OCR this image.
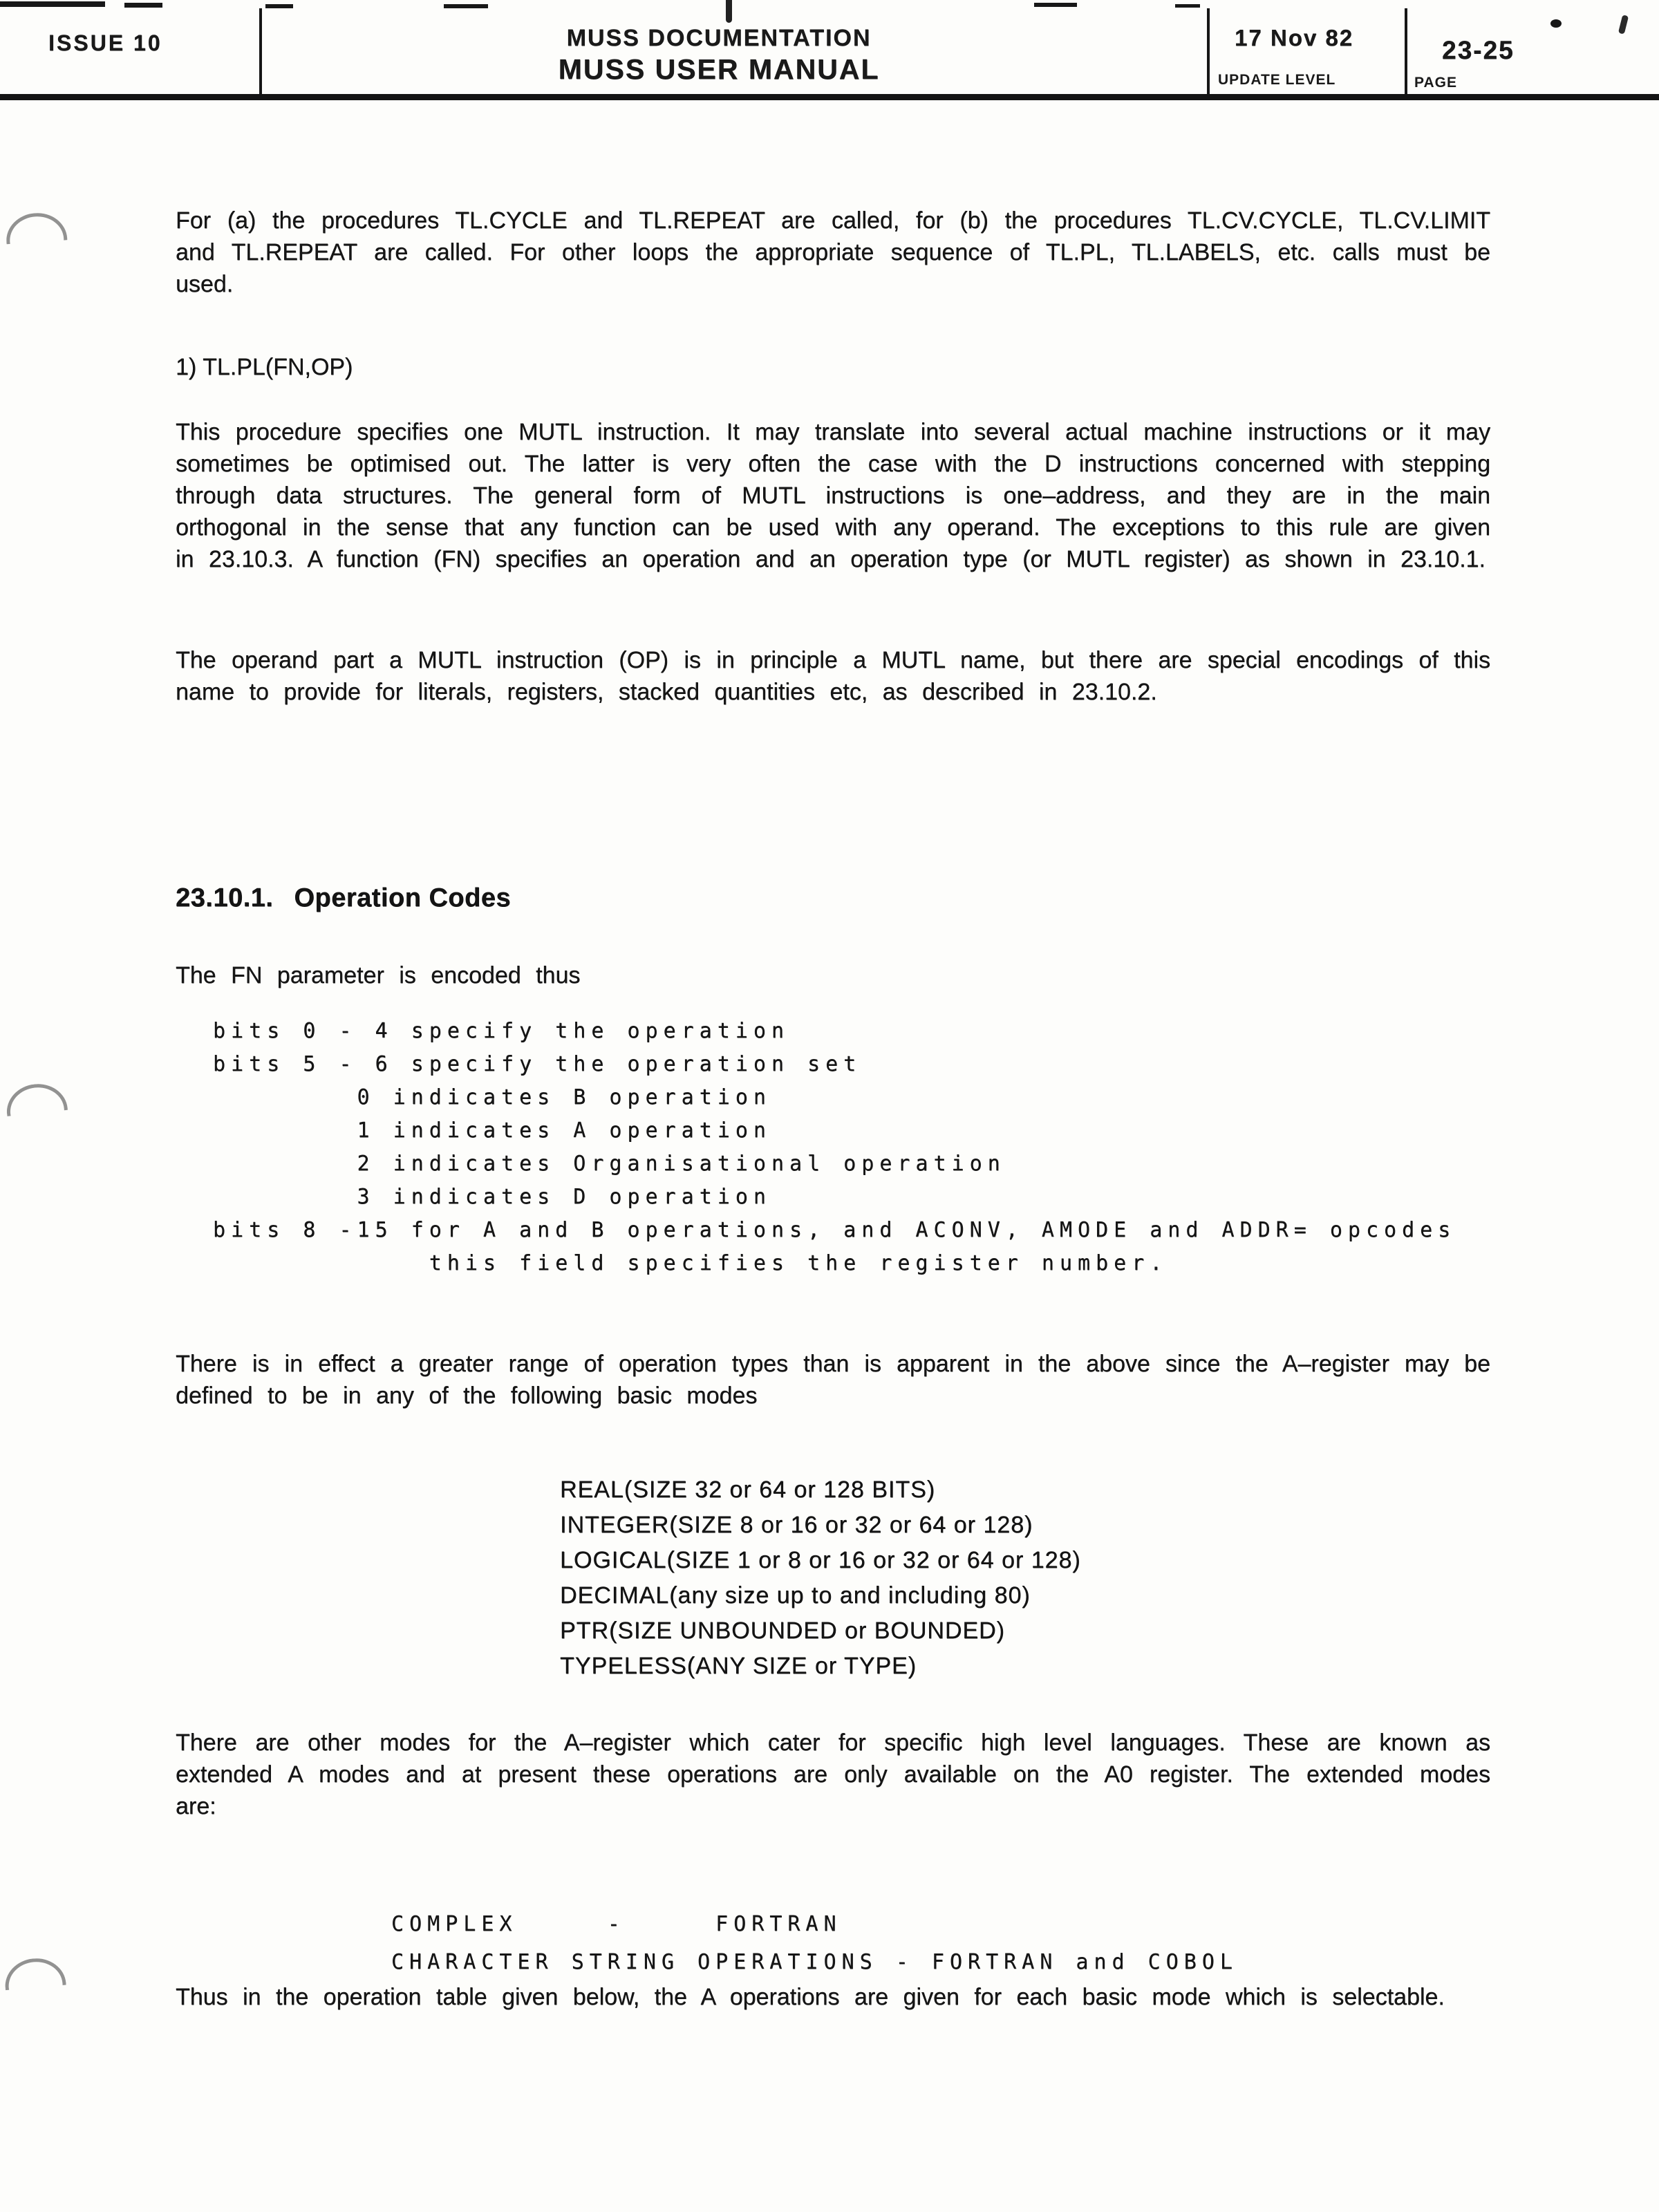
ISSUE 10	MUSS DOCUMENTATION
MUSS USER MANUAL
17 Nov 82
UPDATE LEVEL
23-25
PAGE

For (a) the procedures TL.CYCLE and TL.REPEAT are called, for (b) the procedures TL.CV.CYCLE, TL.CV.LIMIT and TL.REPEAT are called. For other loops the appropriate sequence of TL.PL, TL.LABELS, etc. calls must be used.

1) TL.PL(FN,OP)

This procedure specifies one MUTL instruction. It may translate into several actual machine instructions or it may sometimes be optimised out. The latter is very often the case with the D instructions concerned with stepping through data structures. The general form of MUTL instructions is one–address, and they are in the main orthogonal in the sense that any function can be used with any operand. The exceptions to this rule are given in 23.10.3. A function (FN) specifies an operation and an operation type (or MUTL register) as shown in 23.10.1.

The operand part a MUTL instruction (OP) is in principle a MUTL name, but there are special encodings of this name to provide for literals, registers, stacked quantities etc, as described in 23.10.2.

23.10.1. Operation Codes

The FN parameter is encoded thus

bits 0 - 4 specify the operation
bits 5 - 6 specify the operation set
0 indicates B operation
1 indicates A operation
2 indicates Organisational operation
3 indicates D operation
bits 8 -15 for A and B operations, and ACONV, AMODE and ADDR= opcodes
this field specifies the register number.

There is in effect a greater range of operation types than is apparent in the above since the A–register may be defined to be in any of the following basic modes

REAL(SIZE 32 or 64 or 128 BITS)
INTEGER(SIZE 8 or 16 or 32 or 64 or 128)
LOGICAL(SIZE 1 or 8 or 16 or 32 or 64 or 128)
DECIMAL(any size up to and including 80)
PTR(SIZE UNBOUNDED or BOUNDED)
TYPELESS(ANY SIZE or TYPE)

There are other modes for the A–register which cater for specific high level languages. These are known as extended A modes and at present these operations are only available on the A0 register. The extended modes are:

COMPLEX     -     FORTRAN
CHARACTER STRING OPERATIONS - FORTRAN and COBOL

Thus in the operation table given below, the A operations are given for each basic mode which is selectable.
